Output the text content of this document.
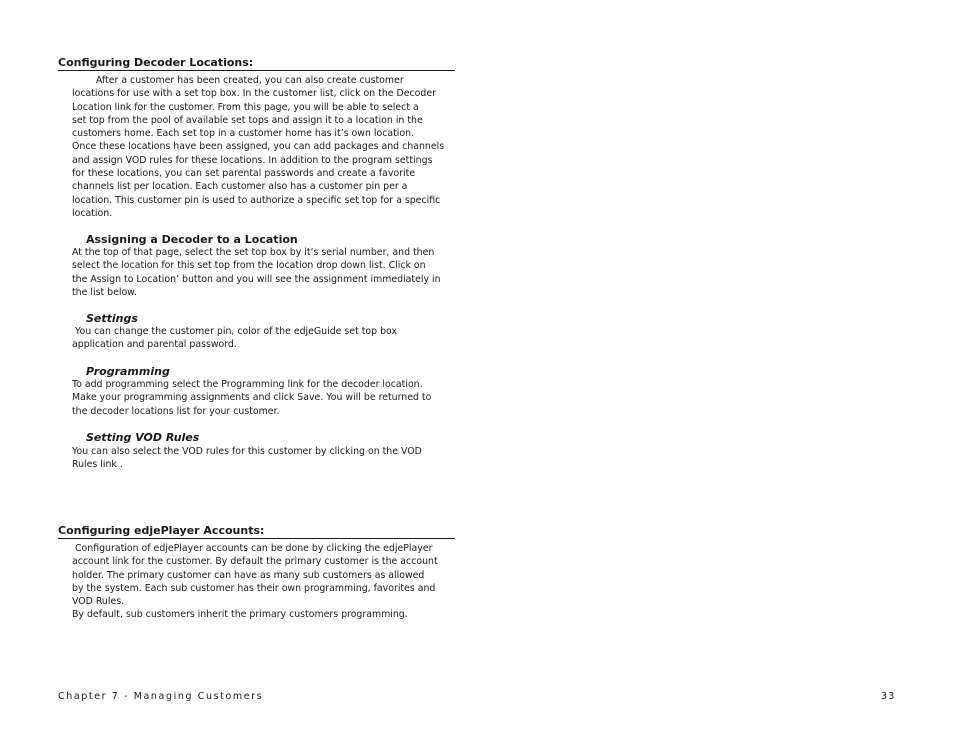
Configuring Decoder Locations:
After a customer has been created, you can also create customer
locations for use with a set top box. In the customer list, click on the Decoder
Location link for the customer. From this page, you will be able to select a
set top from the pool of available set tops and assign it to a location in the
customers home. Each set top in a customer home has it’s own location.
Once these locations have been assigned, you can add packages and channels
and assign VOD rules for these locations. In addition to the program settings
for these locations, you can set parental passwords and create a favorite
channels list per location. Each customer also has a customer pin per a
location. This customer pin is used to authorize a specific set top for a specific
location.
Assigning a Decoder to a Location
At the top of that page, select the set top box by it’s serial number, and then
select the location for this set top from the location drop down list. Click on
the Assign to Location’ button and you will see the assignment immediately in
the list below.
Settings
You can change the customer pin, color of the edjeGuide set top box
application and parental password.
Programming
To add programming select the Programming link for the decoder location.
Make your programming assignments and click Save. You will be returned to
the decoder locations list for your customer.
Setting VOD Rules
You can also select the VOD rules for this customer by clicking on the VOD
Rules link .
Configuring edjePlayer Accounts:
Configuration of edjePlayer accounts can be done by clicking the edjePlayer
account link for the customer. By default the primary customer is the account
holder. The primary customer can have as many sub customers as allowed
by the system. Each sub customer has their own programming, favorites and
VOD Rules.
By default, sub customers inherit the primary customers programming.
Chapter 7 - Managing Customers	33
